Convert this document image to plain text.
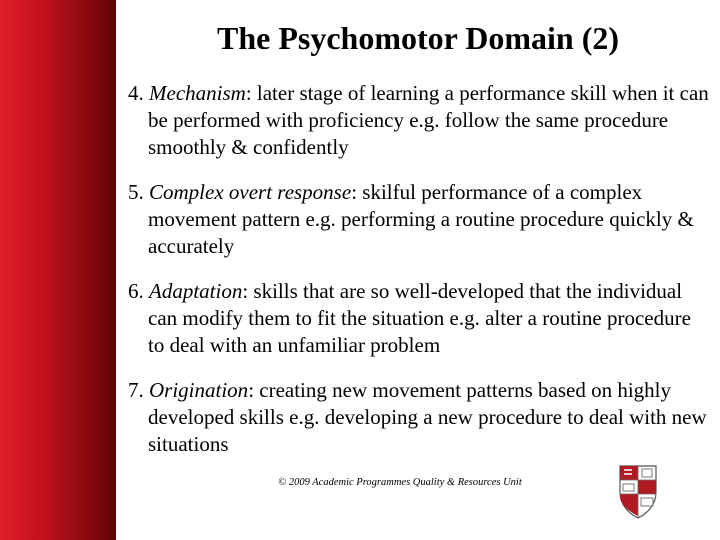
The Psychomotor Domain (2)
4. Mechanism: later stage of learning a performance skill when it can be performed with proficiency e.g. follow the same procedure smoothly & confidently
5. Complex overt response: skilful performance of a complex movement pattern e.g. performing a routine procedure quickly & accurately
6. Adaptation: skills that are so well-developed that the individual can modify them to fit the situation e.g. alter a routine procedure to deal with an unfamiliar problem
7. Origination: creating new movement patterns based on highly developed skills e.g. developing a new procedure to deal with new situations
© 2009 Academic Programmes Quality & Resources Unit
